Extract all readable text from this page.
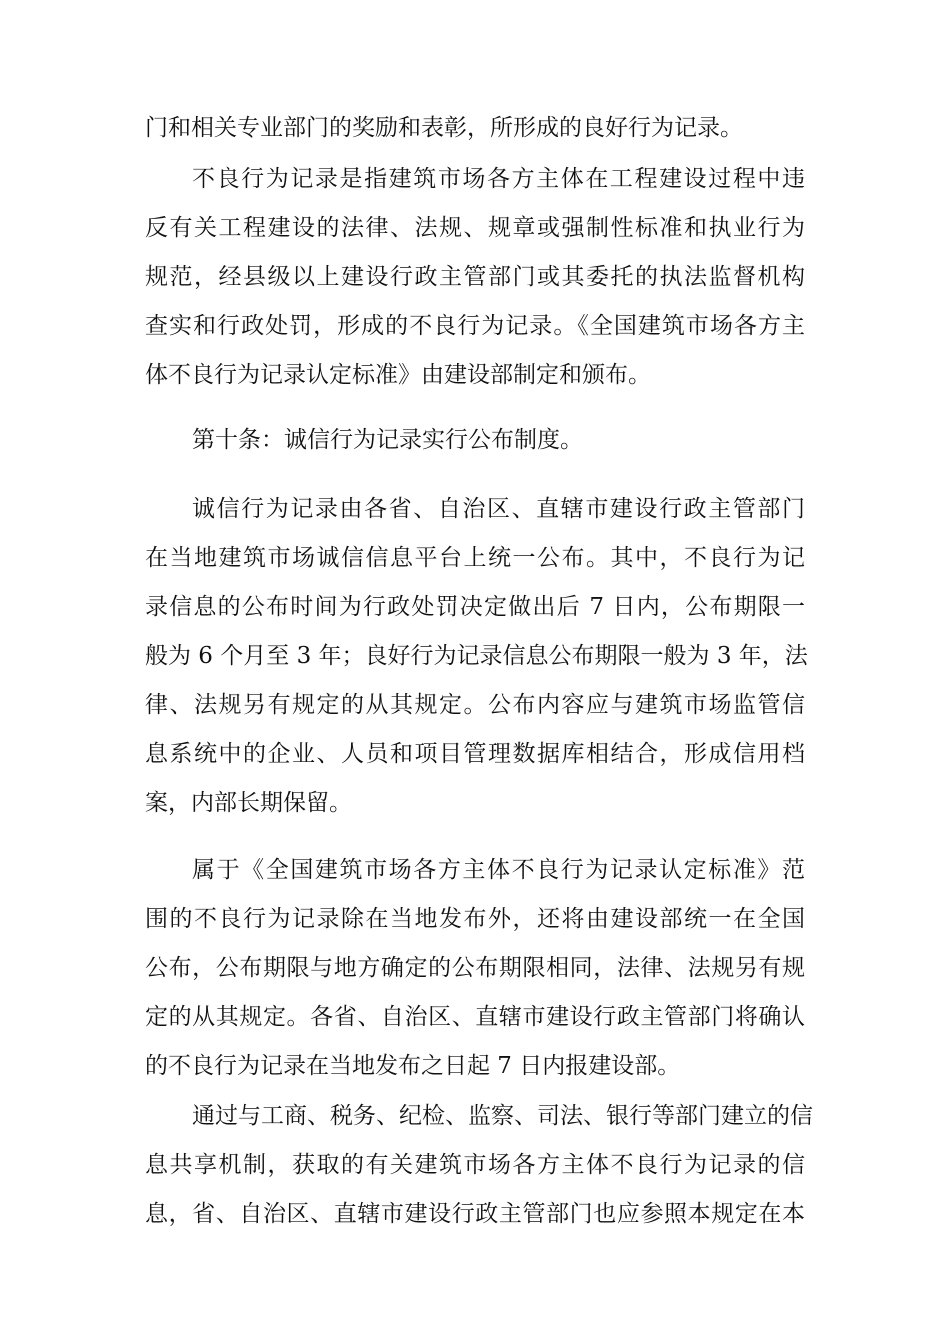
门和相关专业部门的奖励和表彰，所形成的良好行为记录。
不良行为记录是指建筑市场各方主体在工程建设过程中违
反有关工程建设的法律、法规、规章或强制性标准和执业行为
规范，经县级以上建设行政主管部门或其委托的执法监督机构
查实和行政处罚，形成的不良行为记录。《全国建筑市场各方主
体不良行为记录认定标准》由建设部制定和颁布。
第十条：诚信行为记录实行公布制度。
诚信行为记录由各省、自治区、直辖市建设行政主管部门
在当地建筑市场诚信信息平台上统一公布。其中，不良行为记
录信息的公布时间为行政处罚决定做出后 7 日内，公布期限一
般为 6 个月至 3 年；良好行为记录信息公布期限一般为 3 年，法
律、法规另有规定的从其规定。公布内容应与建筑市场监管信
息系统中的企业、人员和项目管理数据库相结合，形成信用档
案，内部长期保留。
属于《全国建筑市场各方主体不良行为记录认定标准》范
围的不良行为记录除在当地发布外，还将由建设部统一在全国
公布，公布期限与地方确定的公布期限相同，法律、法规另有规
定的从其规定。各省、自治区、直辖市建设行政主管部门将确认
的不良行为记录在当地发布之日起 7 日内报建设部。
通过与工商、税务、纪检、监察、司法、银行等部门建立的信
息共享机制，获取的有关建筑市场各方主体不良行为记录的信
息，省、自治区、直辖市建设行政主管部门也应参照本规定在本
